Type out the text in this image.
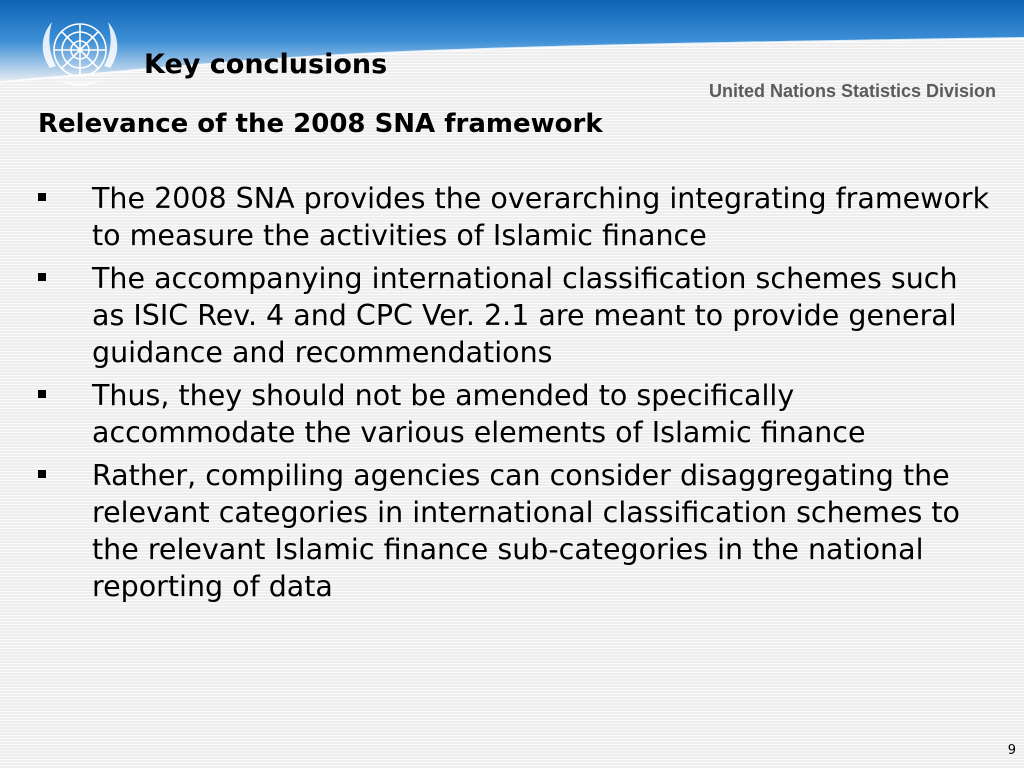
Key conclusions
United Nations Statistics Division
Relevance of the 2008 SNA framework
The 2008 SNA provides the overarching integrating framework to measure the activities of Islamic finance
The accompanying international classification schemes such as ISIC Rev. 4 and CPC Ver. 2.1 are meant to provide general guidance and recommendations
Thus, they should not be amended to specifically accommodate the various elements of Islamic finance
Rather, compiling agencies can consider disaggregating the relevant categories in international classification schemes to the relevant Islamic finance sub-categories in the national reporting of data
9
